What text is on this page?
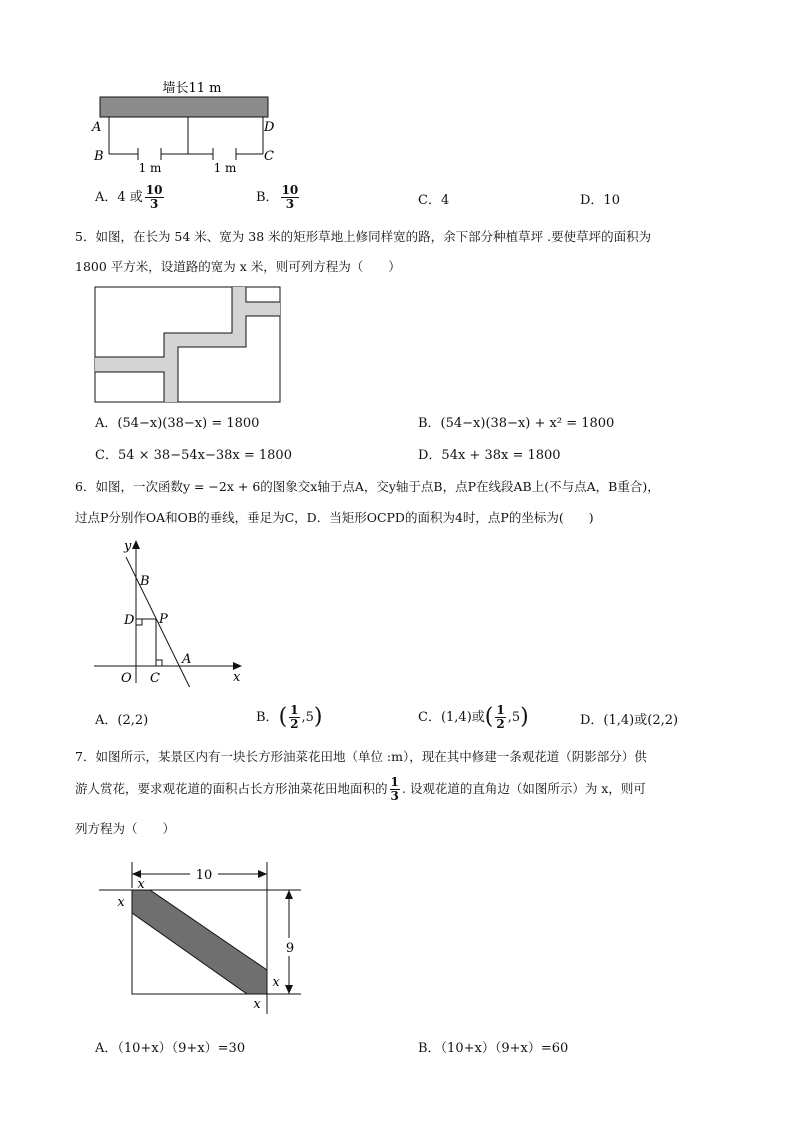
墙长11 m
A	D
B	C
1 m	1 m
A．4 或 $\frac{10}{3}$	B． $\frac{10}{3}$	C．4	D．10
5．如图，在长为 54 米、宽为 38 米的矩形草地上修同样宽的路，余下部分种植草坪 .要使草坪的面积为
1800 平方米，设道路的宽为 x 米，则可列方程为（　　）
A．(54−x)(38−x) = 1800	B．(54−x)(38−x) + x² = 1800
C．54 × 38−54x−38x = 1800	D．54x + 38x = 1800
6．如图，一次函数y = −2x + 6的图象交x轴于点A，交y轴于点B，点P在线段AB上(不与点A，B重合)，
过点P分别作OA和OB的垂线，垂足为C，D．当矩形OCPD的面积为4时，点P的坐标为(　　)
y
x
B
D P
A
O C
A．(2,2)	B．( $\frac{1}{2} ,5$)	C．(1,4)或( $\frac{1}{2} ,5$)	D．(1,4)或(2,2)
7．如图所示，某景区内有一块长方形油菜花田地（单位 :m），现在其中修建一条观花道（阴影部分）供
游人赏花，要求观花道的面积占长方形油菜花田地面积的 $\frac{1}{3}$ . 设观花道的直角边（如图所示）为 x，则可
列方程为（　　）
10
9
x
x
x
x
A．（10+x）（9+x）=30	B．（10+x）（9+x）=60
